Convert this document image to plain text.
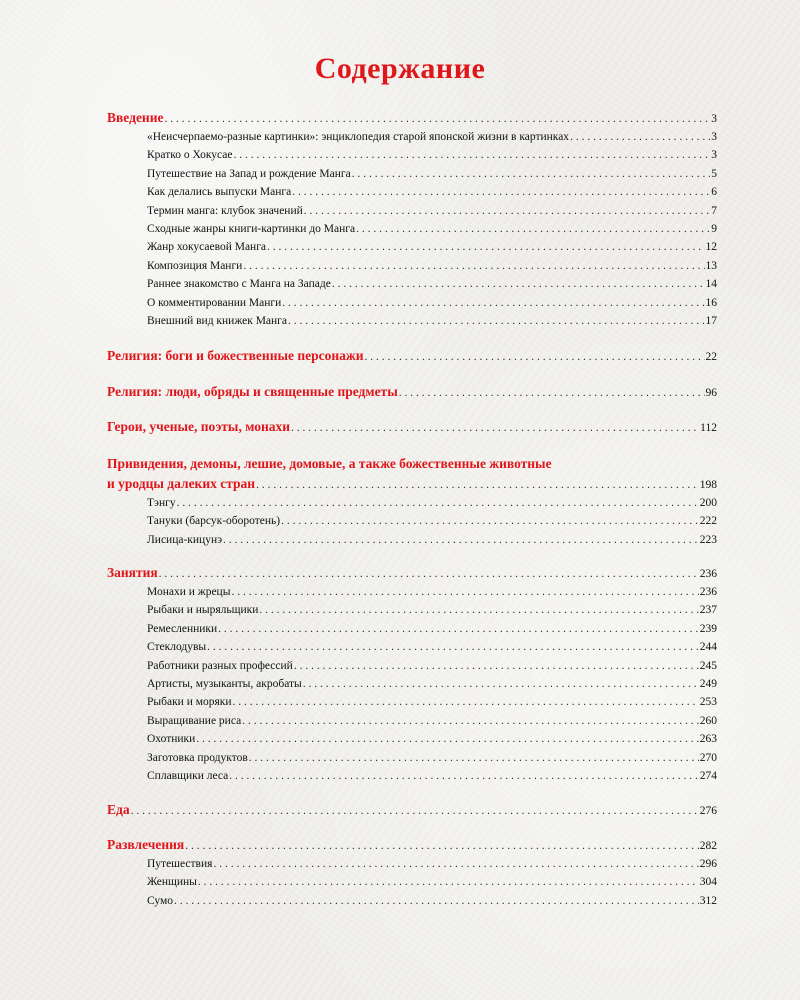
Содержание
Введение . . .	3
«Неисчерпаемо-разные картинки»: энциклопедия старой японской жизни в картинках . . .	3
Кратко о Хокусае . . .	3
Путешествие на Запад и рождение Манга . . .	5
Как делались выпуски Манга . . .	6
Термин манга: клубок значений . . .	7
Сходные жанры книги-картинки до Манга . . .	9
Жанр хокусаевой Манга . . .	12
Композиция Манги . . .	13
Раннее знакомство с Манга на Западе . . .	14
О комментировании Манги . . .	16
Внешний вид книжек Манга . . .	17
Религия: боги и божественные персонажи . . .	22
Религия: люди, обряды и священные предметы . . .	96
Герои, ученые, поэты, монахи . . .	112
Привидения, демоны, лешие, домовые, а также божественные животные
и уродцы далеких стран . . .	198
Тэнгу . . .	200
Тануки (барсук-оборотень) . . .	222
Лисица-кицунэ . . .	223
Занятия . . .	236
Монахи и жрецы . . .	236
Рыбаки и ныряльщики . . .	237
Ремесленники . . .	239
Стеклодувы . . .	244
Работники разных профессий . . .	245
Артисты, музыканты, акробаты . . .	249
Рыбаки и моряки . . .	253
Выращивание риса . . .	260
Охотники . . .	263
Заготовка продуктов . . .	270
Сплавщики леса . . .	274
Еда . . .	276
Развлечения . . .	282
Путешествия . . .	296
Женщины . . .	304
Сумо . . .	312
